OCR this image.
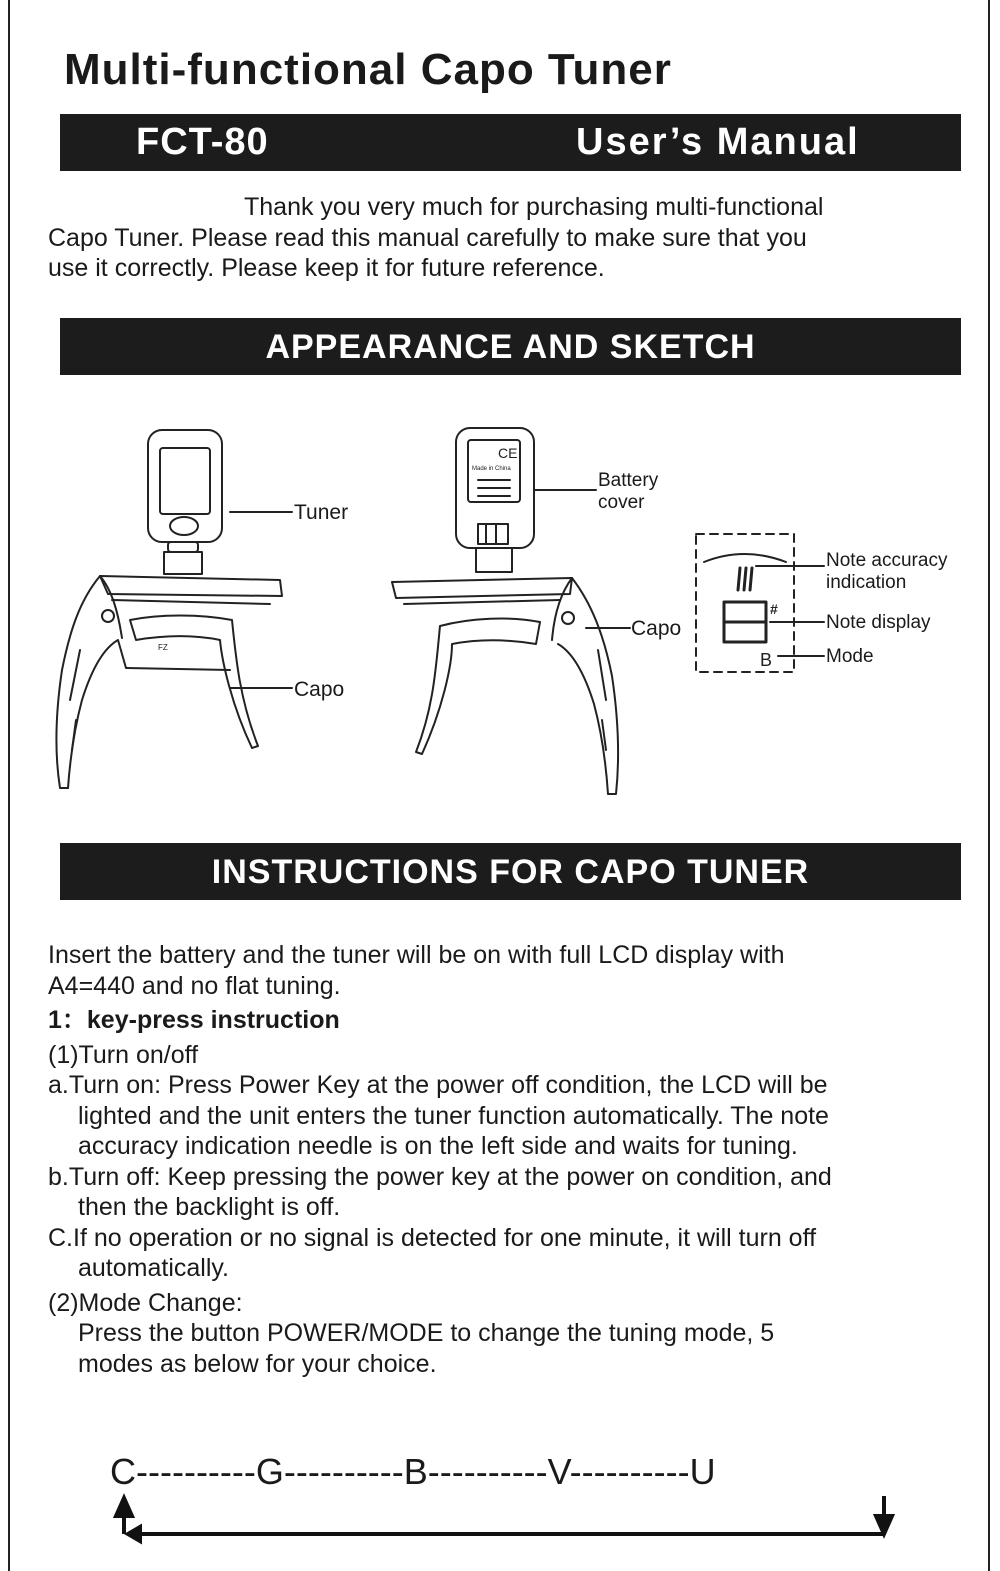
Multi-functional Capo Tuner
FCT-80	User’s Manual
Thank you very much for purchasing multi-functional
Capo Tuner. Please read this manual carefully to make sure that you
use it correctly. Please keep it for future reference.
APPEARANCE AND SKETCH
CE
Made in China
FZ
#
B
Tuner
Capo
Battery
cover
Capo
Note accuracy
indication
Note display
Mode
INSTRUCTIONS FOR CAPO TUNER

Insert the battery and the tuner will be on with full LCD display with

A4=440 and no flat tuning.

1：key-press instruction

(1)Turn on/off

a.Turn on: Press Power Key at the power off condition, the LCD will be

lighted and the unit enters the tuner function automatically. The note

accuracy indication needle is on the left side and waits for tuning.

b.Turn off: Keep pressing the power key at the power on condition, and

then the backlight is off.

C.If no operation or no signal is detected for one minute, it will turn off

automatically.

(2)Mode Change:

Press the button POWER/MODE to change the tuning mode, 5

modes as below for your choice.

C----------G----------B----------V----------U
